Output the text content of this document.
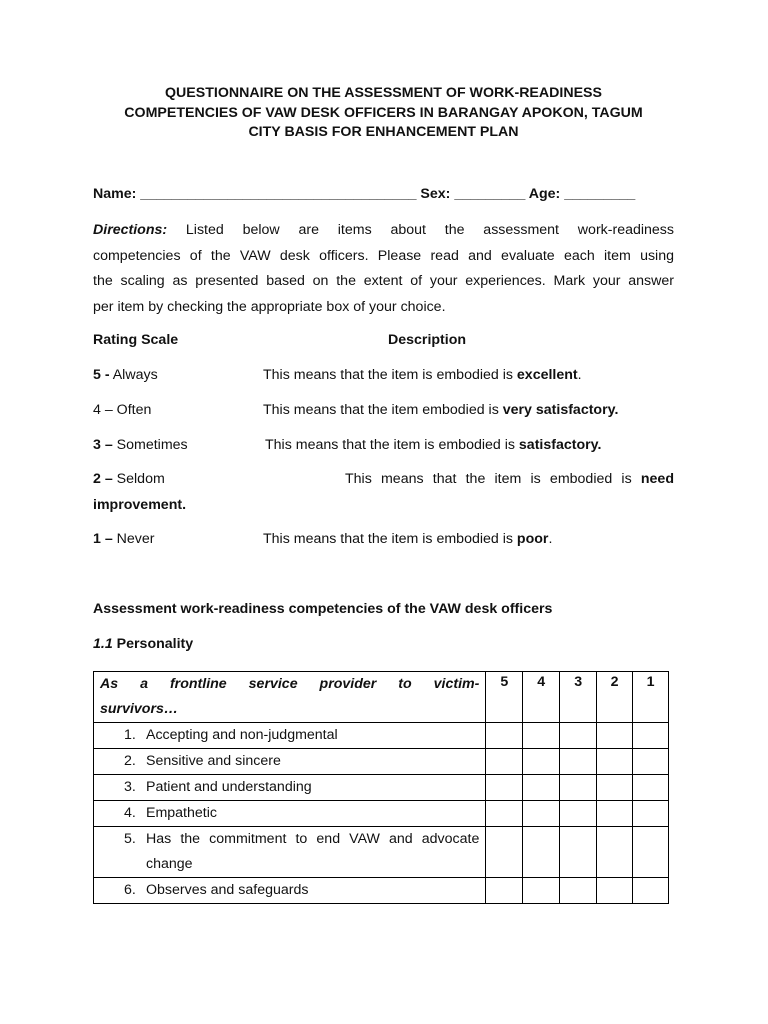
QUESTIONNAIRE ON THE ASSESSMENT OF WORK-READINESS
COMPETENCIES OF VAW DESK OFFICERS IN BARANGAY APOKON, TAGUM
CITY BASIS FOR ENHANCEMENT PLAN
Name: ___________________________________ Sex: _________ Age: _________
Directions: Listed below are items about the assessment work-readiness
competencies of the VAW desk officers. Please read and evaluate each item using
the scaling as presented based on the extent of your experiences. Mark your answer
per item by checking the appropriate box of your choice.
Rating Scale	Description
5 - Always	This means that the item is embodied is excellent.
4 – Often	This means that the item embodied is very satisfactory.
3 – Sometimes	This means that the item is embodied is satisfactory.
2 – Seldom	This means that the item is embodied is need
improvement.
1 – Never	This means that the item is embodied is poor.
Assessment work-readiness competencies of the VAW desk officers
1.1 Personality
As a frontline service provider to victim-
survivors…	5	4	3	2	1

1. Accepting and non-judgmental					

2. Sensitive and sincere					

3. Patient and understanding					

4. Empathetic					

5. Has the commitment to end VAW and advocate
change					

6. Observes and safeguards					
